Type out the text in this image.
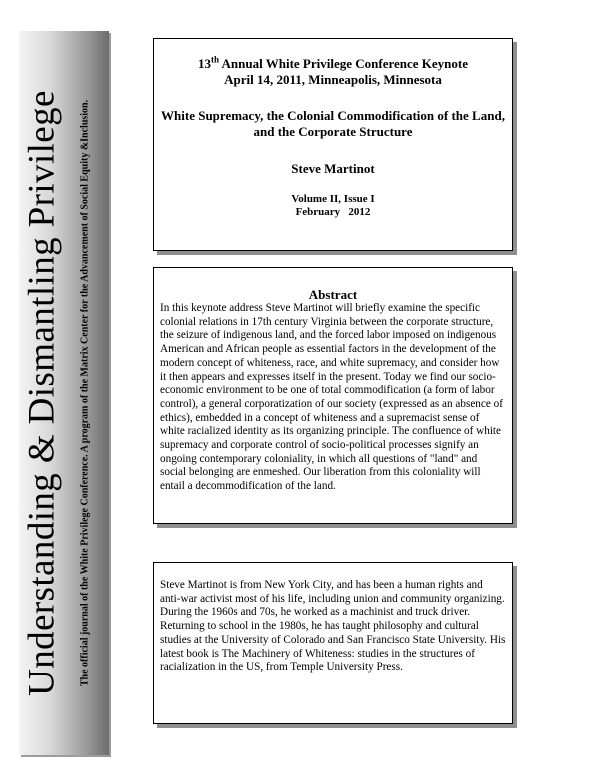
Understanding & Dismantling Privilege The official journal of the White Privilege Conference. A program of the Matrix Center for the Advancement of Social Equity &Inclusion.
13th Annual White Privilege Conference Keynote
April 14, 2011, Minneapolis, Minnesota
White Supremacy, the Colonial Commodification of the Land, and the Corporate Structure
Steve Martinot
Volume II, Issue I
February   2012
Abstract
In this keynote address Steve Martinot will briefly examine the specific colonial relations in 17th century Virginia between the corporate structure, the seizure of indigenous land, and the forced labor imposed on indigenous American and African people as essential factors in the development of the modern concept of whiteness, race, and white supremacy, and consider how it then appears and expresses itself in the present. Today we find our socio-economic environment to be one of total commodification (a form of labor control), a general corporatization of our society (expressed as an absence of ethics), embedded in a concept of whiteness and a supremacist sense of white racialized identity as its organizing principle. The confluence of white supremacy and corporate control of socio-political processes signify an ongoing contemporary coloniality, in which all questions of "land" and social belonging are enmeshed. Our liberation from this coloniality will entail a decommodification of the land.
Steve Martinot is from New York City, and has been a human rights and anti-war activist most of his life, including union and community organizing. During the 1960s and 70s, he worked as a machinist and truck driver. Returning to school in the 1980s, he has taught philosophy and cultural studies at the University of Colorado and San Francisco State University. His latest book is The Machinery of Whiteness: studies in the structures of racialization in the US, from Temple University Press.
